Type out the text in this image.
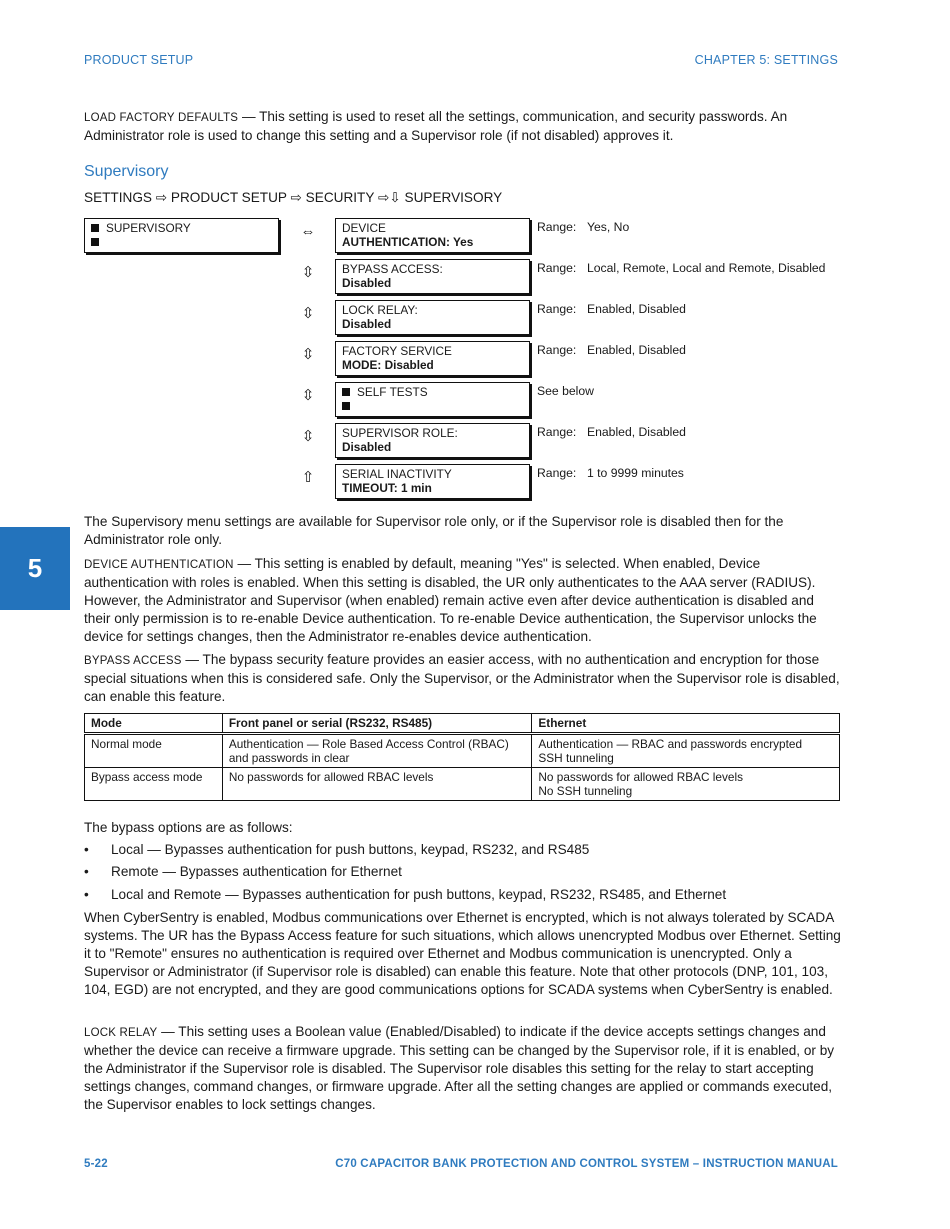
PRODUCT SETUP	CHAPTER 5: SETTINGS

LOAD FACTORY DEFAULTS — This setting is used to reset all the settings, communication, and security passwords. An Administrator role is used to change this setting and a Supervisor role (if not disabled) approves it.

Supervisory
SETTINGS ⇨ PRODUCT SETUP ⇨ SECURITY ⇨⇩ SUPERVISORY
SUPERVISORY	⇔	DEVICE
AUTHENTICATION: Yes
Range: Yes, No
⇳	BYPASS ACCESS:
Disabled
Range: Local, Remote, Local and Remote, Disabled
⇳	LOCK RELAY:
Disabled
Range: Enabled, Disabled
⇳	FACTORY SERVICE
MODE: Disabled
Range: Enabled, Disabled
⇳	SELF TESTS	See below
⇳	SUPERVISOR ROLE:
Disabled
Range: Enabled, Disabled
⇧	SERIAL INACTIVITY
TIMEOUT: 1 min
Range: 1 to 9999 minutes
5

The Supervisory menu settings are available for Supervisor role only, or if the Supervisor role is disabled then for the Administrator role only.

DEVICE AUTHENTICATION — This setting is enabled by default, meaning "Yes" is selected. When enabled, Device authentication with roles is enabled. When this setting is disabled, the UR only authenticates to the AAA server (RADIUS). However, the Administrator and Supervisor (when enabled) remain active even after device authentication is disabled and their only permission is to re-enable Device authentication. To re-enable Device authentication, the Supervisor unlocks the device for settings changes, then the Administrator re-enables device authentication.

BYPASS ACCESS — The bypass security feature provides an easier access, with no authentication and encryption for those special situations when this is considered safe. Only the Supervisor, or the Administrator when the Supervisor role is disabled, can enable this feature.

Mode	Front panel or serial (RS232, RS485)	Ethernet
Normal mode	Authentication — Role Based Access Control (RBAC) and passwords in clear	Authentication — RBAC and passwords encrypted
SSH tunneling

Bypass access mode	No passwords for allowed RBAC levels	No passwords for allowed RBAC levels
No SSH tunneling

The bypass options are as follows:

• Local — Bypasses authentication for push buttons, keypad, RS232, and RS485
• Remote — Bypasses authentication for Ethernet
• Local and Remote — Bypasses authentication for push buttons, keypad, RS232, RS485, and Ethernet

When CyberSentry is enabled, Modbus communications over Ethernet is encrypted, which is not always tolerated by SCADA systems. The UR has the Bypass Access feature for such situations, which allows unencrypted Modbus over Ethernet. Setting it to "Remote" ensures no authentication is required over Ethernet and Modbus communication is unencrypted. Only a Supervisor or Administrator (if Supervisor role is disabled) can enable this feature. Note that other protocols (DNP, 101, 103, 104, EGD) are not encrypted, and they are good communications options for SCADA systems when CyberSentry is enabled.

LOCK RELAY — This setting uses a Boolean value (Enabled/Disabled) to indicate if the device accepts settings changes and whether the device can receive a firmware upgrade. This setting can be changed by the Supervisor role, if it is enabled, or by the Administrator if the Supervisor role is disabled. The Supervisor role disables this setting for the relay to start accepting settings changes, command changes, or firmware upgrade. After all the setting changes are applied or commands executed, the Supervisor enables to lock settings changes.

5-22	C70 CAPACITOR BANK PROTECTION AND CONTROL SYSTEM – INSTRUCTION MANUAL
